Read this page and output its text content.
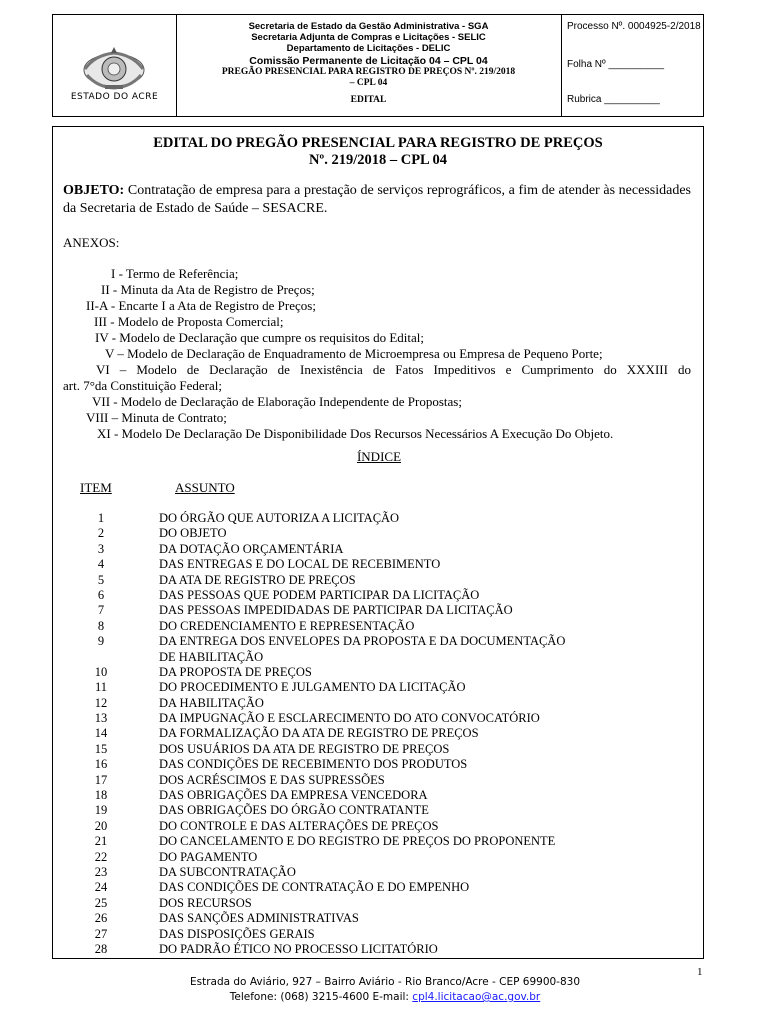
ESTADO DO ACRE
Secretaria de Estado da Gestão Administrativa - SGA
Secretaria Adjunta de Compras e Licitações - SELIC
Departamento de Licitações - DELIC
Comissão Permanente de Licitação 04 – CPL 04
PREGÃO PRESENCIAL PARA REGISTRO DE PREÇOS Nº. 219/2018
– CPL 04
EDITAL
Processo Nº. 0004925-2/2018
Folha Nº __________
Rubrica __________
EDITAL DO PREGÃO PRESENCIAL PARA REGISTRO DE PREÇOS
Nº. 219/2018 – CPL 04
OBJETO: Contratação de empresa para a prestação de serviços reprográficos, a fim de atender às necessidades da Secretaria de Estado de Saúde – SESACRE.
ANEXOS:
I - Termo de Referência;
II - Minuta da Ata de Registro de Preços;
II-A - Encarte I a Ata de Registro de Preços;
III - Modelo de Proposta Comercial;
IV - Modelo de Declaração que cumpre os requisitos do Edital;
V – Modelo de Declaração de Enquadramento de Microempresa ou Empresa de Pequeno Porte;
VI – Modelo de Declaração de Inexistência de Fatos Impeditivos e Cumprimento do XXXIII do
art. 7°da Constituição Federal;
VII - Modelo de Declaração de Elaboração Independente de Propostas;
VIII – Minuta de Contrato;
XI - Modelo De Declaração De Disponibilidade Dos Recursos Necessários A Execução Do Objeto.
ÍNDICE
ITEM	ASSUNTO
1	DO ÓRGÃO QUE AUTORIZA A LICITAÇÃO
2	DO OBJETO
3	DA DOTAÇÃO ORÇAMENTÁRIA
4	DAS ENTREGAS E DO LOCAL DE RECEBIMENTO
5	DA ATA DE REGISTRO DE PREÇOS
6	DAS PESSOAS QUE PODEM PARTICIPAR DA LICITAÇÃO
7	DAS PESSOAS IMPEDIDADAS DE PARTICIPAR DA LICITAÇÃO
8	DO CREDENCIAMENTO E REPRESENTAÇÃO
9	DA ENTREGA DOS ENVELOPES DA PROPOSTA E DA DOCUMENTAÇÃO
DE HABILITAÇÃO
10	DA PROPOSTA DE PREÇOS
11	DO PROCEDIMENTO E JULGAMENTO DA LICITAÇÃO
12	DA HABILITAÇÃO
13	DA IMPUGNAÇÃO E ESCLARECIMENTO DO ATO CONVOCATÓRIO
14	DA FORMALIZAÇÃO DA ATA DE REGISTRO DE PREÇOS
15	DOS USUÁRIOS DA ATA DE REGISTRO DE PREÇOS
16	DAS CONDIÇÕES DE RECEBIMENTO DOS PRODUTOS
17	DOS ACRÉSCIMOS E DAS SUPRESSÕES
18	DAS OBRIGAÇÕES DA EMPRESA VENCEDORA
19	DAS OBRIGAÇÕES DO ÓRGÃO CONTRATANTE
20	DO CONTROLE E DAS ALTERAÇÕES DE PREÇOS
21	DO CANCELAMENTO E DO REGISTRO DE PREÇOS DO PROPONENTE
22	DO PAGAMENTO
23	DA SUBCONTRATAÇÃO
24	DAS CONDIÇÕES DE CONTRATAÇÃO E DO EMPENHO
25	DOS RECURSOS
26	DAS SANÇÕES ADMINISTRATIVAS
27	DAS DISPOSIÇÕES GERAIS
28	DO PADRÃO ÉTICO NO PROCESSO LICITATÓRIO
1
Estrada do Aviário, 927 – Bairro Aviário - Rio Branco/Acre - CEP 69900-830
Telefone: (068) 3215-4600 E-mail: cpl4.licitacao@ac.gov.br
